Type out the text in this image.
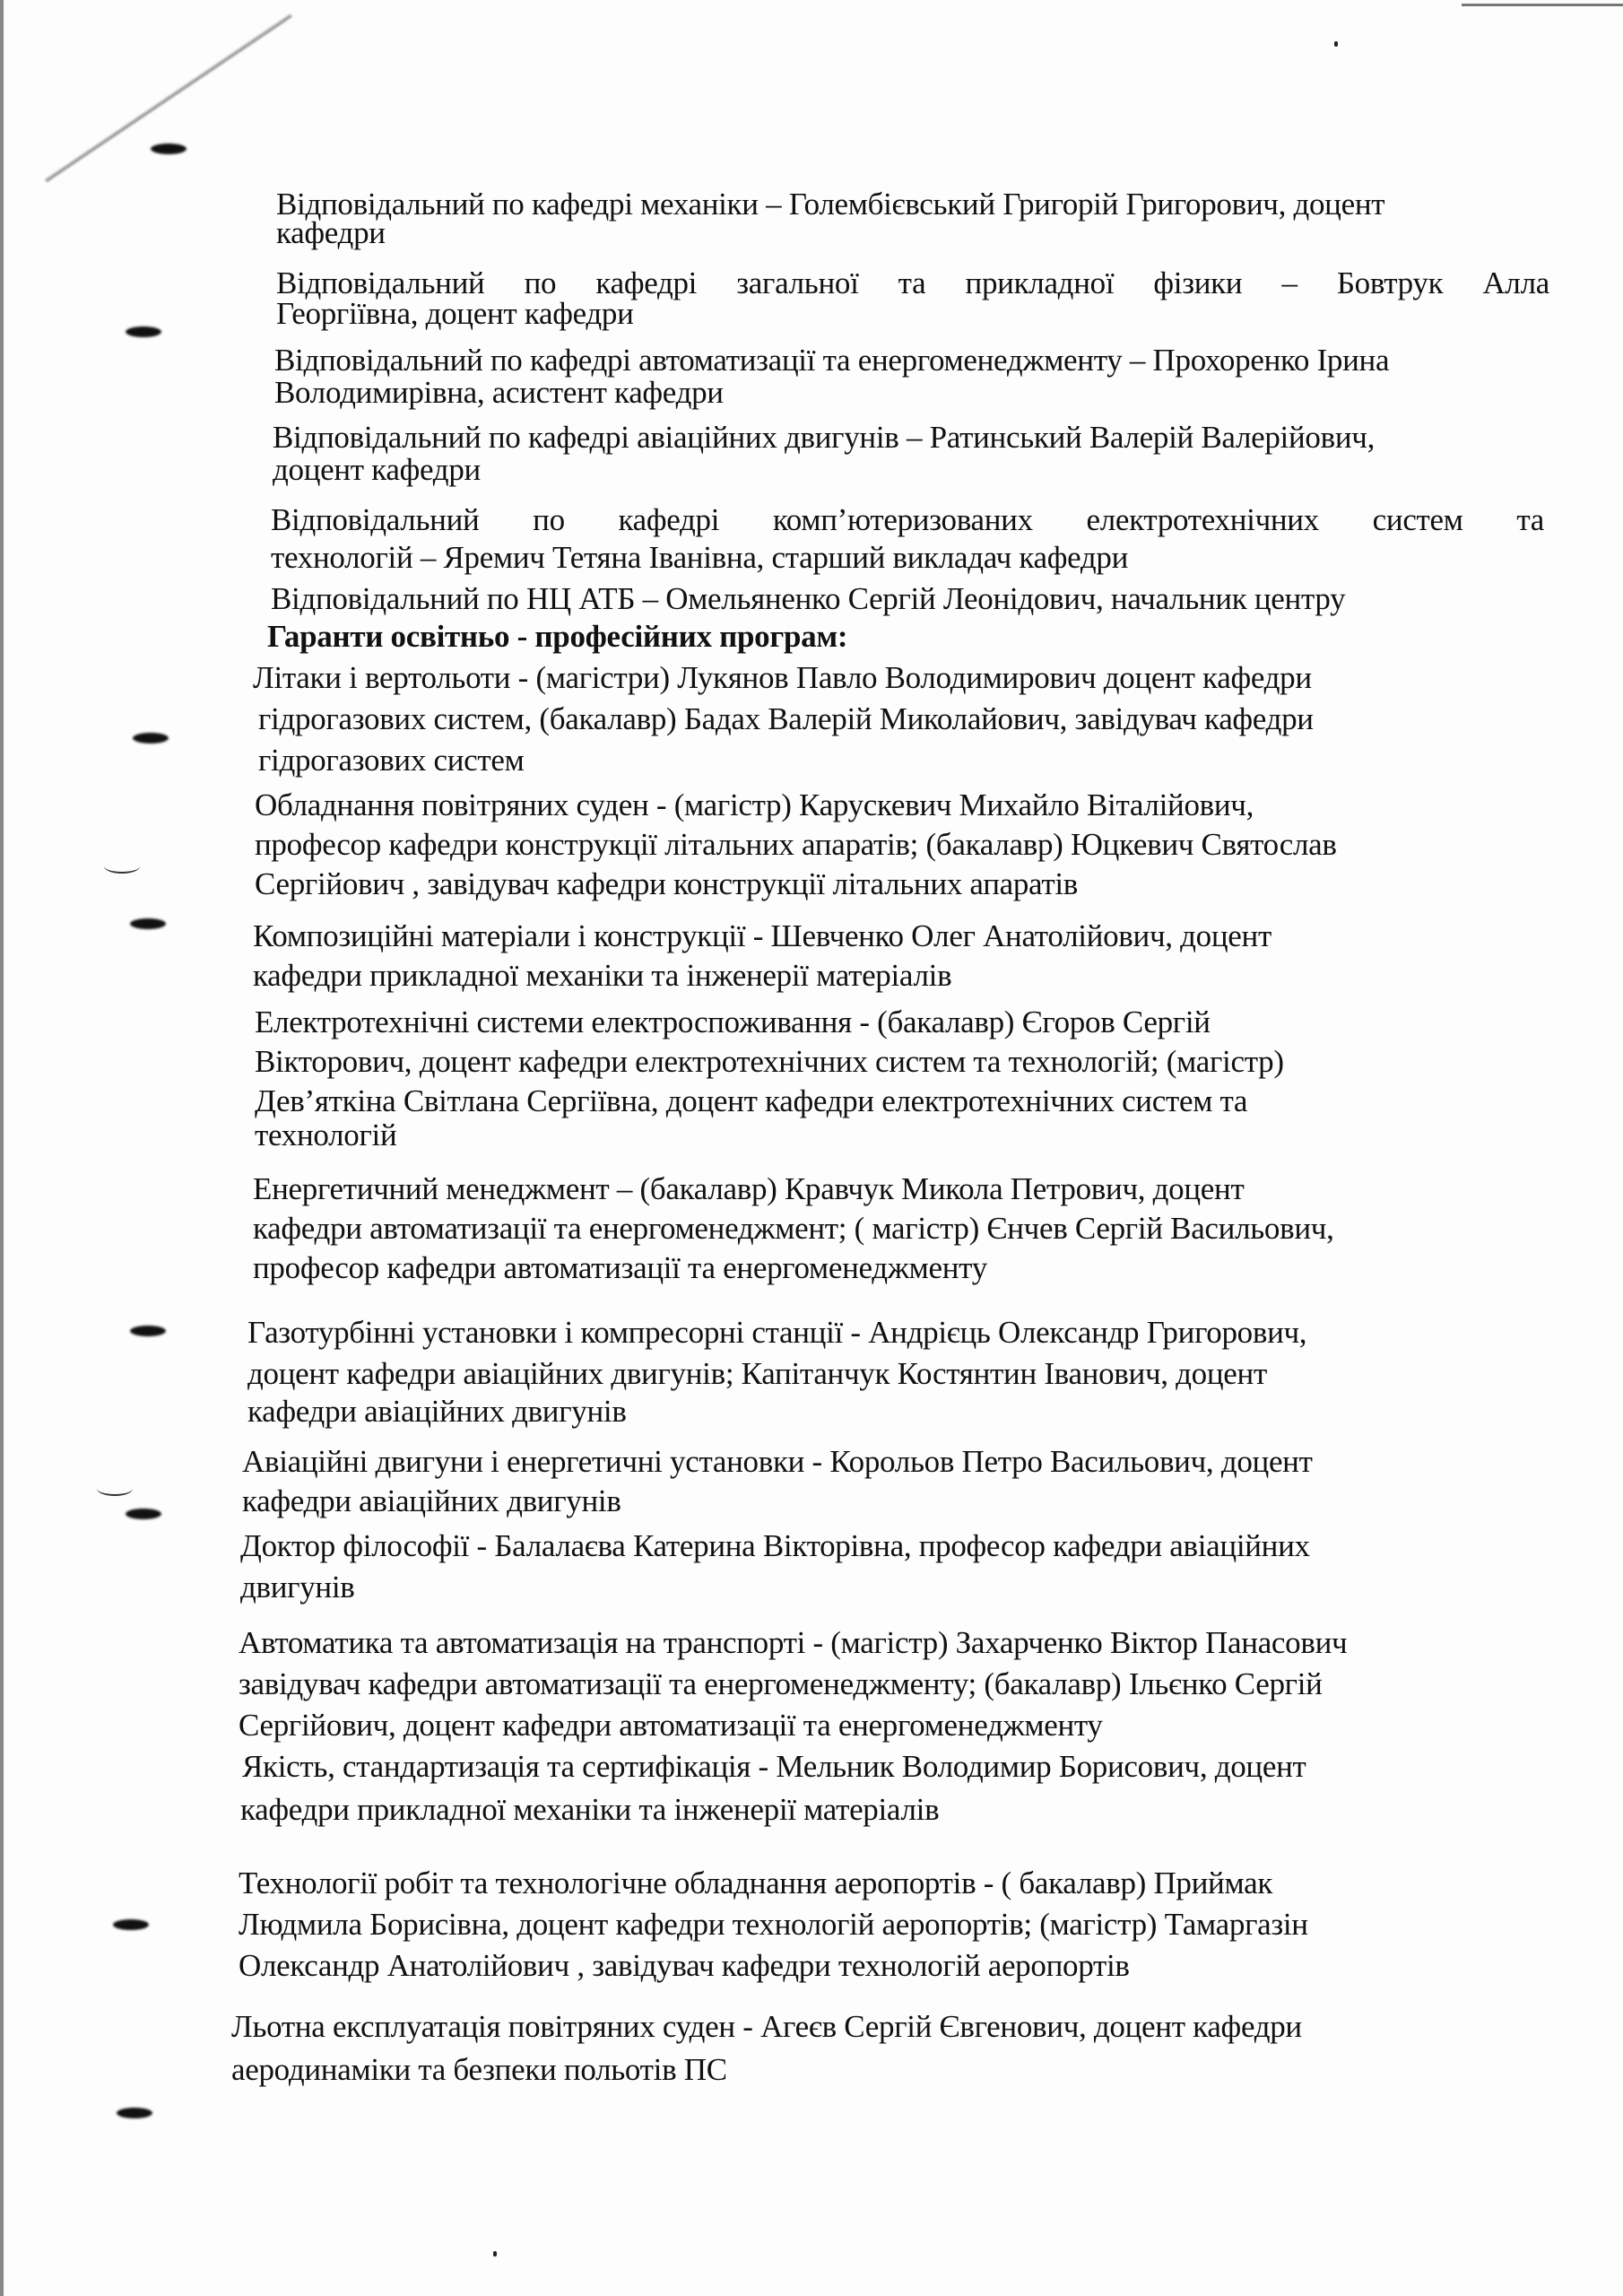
Відповідальний по кафедрі механіки – Голембієвський Григорій Григорович, доцент
кафедри
Відповідальний по кафедрі загальної та прикладної фізики – Бовтрук Алла
Георгіївна, доцент кафедри
Відповідальний по кафедрі автоматизації та енергоменеджменту – Прохоренко Ірина
Володимирівна, асистент кафедри
Відповідальний по кафедрі авіаційних двигунів – Ратинський Валерій Валерійович,
доцент кафедри
Відповідальний по кафедрі комп’ютеризованих електротехнічних систем та
технологій – Яремич Тетяна Іванівна, старший викладач кафедри
Відповідальний по НЦ АТБ – Омельяненко Сергій Леонідович, начальник центру
Гаранти освітньо - професійних програм:
Літаки і вертольоти - (магістри) Лукянов Павло Володимирович доцент кафедри
гідрогазових систем, (бакалавр) Бадах Валерій Миколайович, завідувач кафедри
гідрогазових систем
Обладнання повітряних суден - (магістр) Карускевич Михайло Віталійович,
професор кафедри конструкції літальних апаратів; (бакалавр) Юцкевич Святослав
Сергійович , завідувач кафедри конструкції літальних апаратів
Композиційні матеріали і конструкції - Шевченко Олег Анатолійович, доцент
кафедри прикладної механіки та інженерії матеріалів
Електротехнічні системи електроспоживання - (бакалавр) Єгоров Сергій
Вікторович, доцент кафедри електротехнічних систем та технологій; (магістр)
Дев’яткіна Світлана Сергіївна, доцент кафедри електротехнічних систем та
технологій
Енергетичний менеджмент – (бакалавр) Кравчук Микола Петрович, доцент
кафедри автоматизації та енергоменеджмент; ( магістр) Єнчев Сергій Васильович,
професор кафедри автоматизації та енергоменеджменту
Газотурбінні установки і компресорні станції - Андрієць Олександр Григорович,
доцент кафедри авіаційних двигунів; Капітанчук Костянтин Іванович, доцент
кафедри авіаційних двигунів
Авіаційні двигуни і енергетичні установки - Корольов Петро Васильович, доцент
кафедри авіаційних двигунів
Доктор філософії - Балалаєва Катерина Вікторівна, професор кафедри авіаційних
двигунів
Автоматика та автоматизація на транспорті - (магістр) Захарченко Віктор Панасович
завідувач кафедри автоматизації та енергоменеджменту; (бакалавр) Ільєнко Сергій
Сергійович, доцент кафедри автоматизації та енергоменеджменту
Якість, стандартизація та сертифікація - Мельник Володимир Борисович, доцент
кафедри прикладної механіки та інженерії матеріалів
Технології робіт та технологічне обладнання аеропортів - ( бакалавр) Приймак
Людмила Борисівна, доцент кафедри технологій аеропортів; (магістр) Тамаргазін
Олександр Анатолійович , завідувач кафедри технологій аеропортів
Льотна експлуатація повітряних суден - Агеєв Сергій Євгенович, доцент кафедри
аеродинаміки та безпеки польотів ПС
